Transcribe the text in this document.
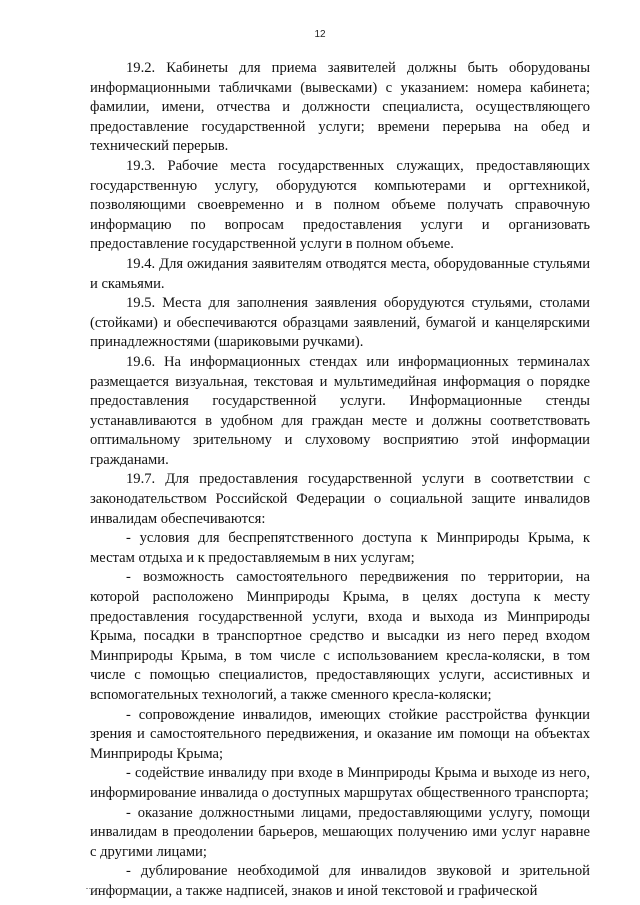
12

19.2. Кабинеты для приема заявителей должны быть оборудованы информационными табличками (вывесками) с указанием: номера кабинета; фамилии, имени, отчества и должности специалиста, осуществляющего предоставление государственной услуги; времени перерыва на обед и технический перерыв.

19.3. Рабочие места государственных служащих, предоставляющих государственную услугу, оборудуются компьютерами и оргтехникой, позволяющими своевременно и в полном объеме получать справочную информацию по вопросам предоставления услуги и организовать предоставление государственной услуги в полном объеме.

19.4. Для ожидания заявителям отводятся места, оборудованные стульями и скамьями.

19.5. Места для заполнения заявления оборудуются стульями, столами (стойками) и обеспечиваются образцами заявлений, бумагой и канцелярскими принадлежностями (шариковыми ручками).

19.6. На информационных стендах или информационных терминалах размещается визуальная, текстовая и мультимедийная информация о порядке предоставления государственной услуги. Информационные стенды устанавливаются в удобном для граждан месте и должны соответствовать оптимальному зрительному и слуховому восприятию этой информации гражданами.

19.7. Для предоставления государственной услуги в соответствии с законодательством Российской Федерации о социальной защите инвалидов инвалидам обеспечиваются:

- условия для беспрепятственного доступа к Минприроды Крыма, к местам отдыха и к предоставляемым в них услугам;

- возможность самостоятельного передвижения по территории, на которой расположено Минприроды Крыма, в целях доступа к месту предоставления государственной услуги, входа и выхода из Минприроды Крыма, посадки в транспортное средство и высадки из него перед входом Минприроды Крыма, в том числе с использованием кресла-коляски, в том числе с помощью специалистов, предоставляющих услуги, ассистивных и вспомогательных технологий, а также сменного кресла-коляски;

- сопровождение инвалидов, имеющих стойкие расстройства функции зрения и самостоятельного передвижения, и оказание им помощи на объектах Минприроды Крыма;

- содействие инвалиду при входе в Минприроды Крыма и выходе из него, информирование инвалида о доступных маршрутах общественного транспорта;

- оказание должностными лицами, предоставляющими услугу, помощи инвалидам в преодолении барьеров, мешающих получению ими услуг наравне с другими лицами;

- дублирование необходимой для инвалидов звуковой и зрительной информации, а также надписей, знаков и иной текстовой и графической
